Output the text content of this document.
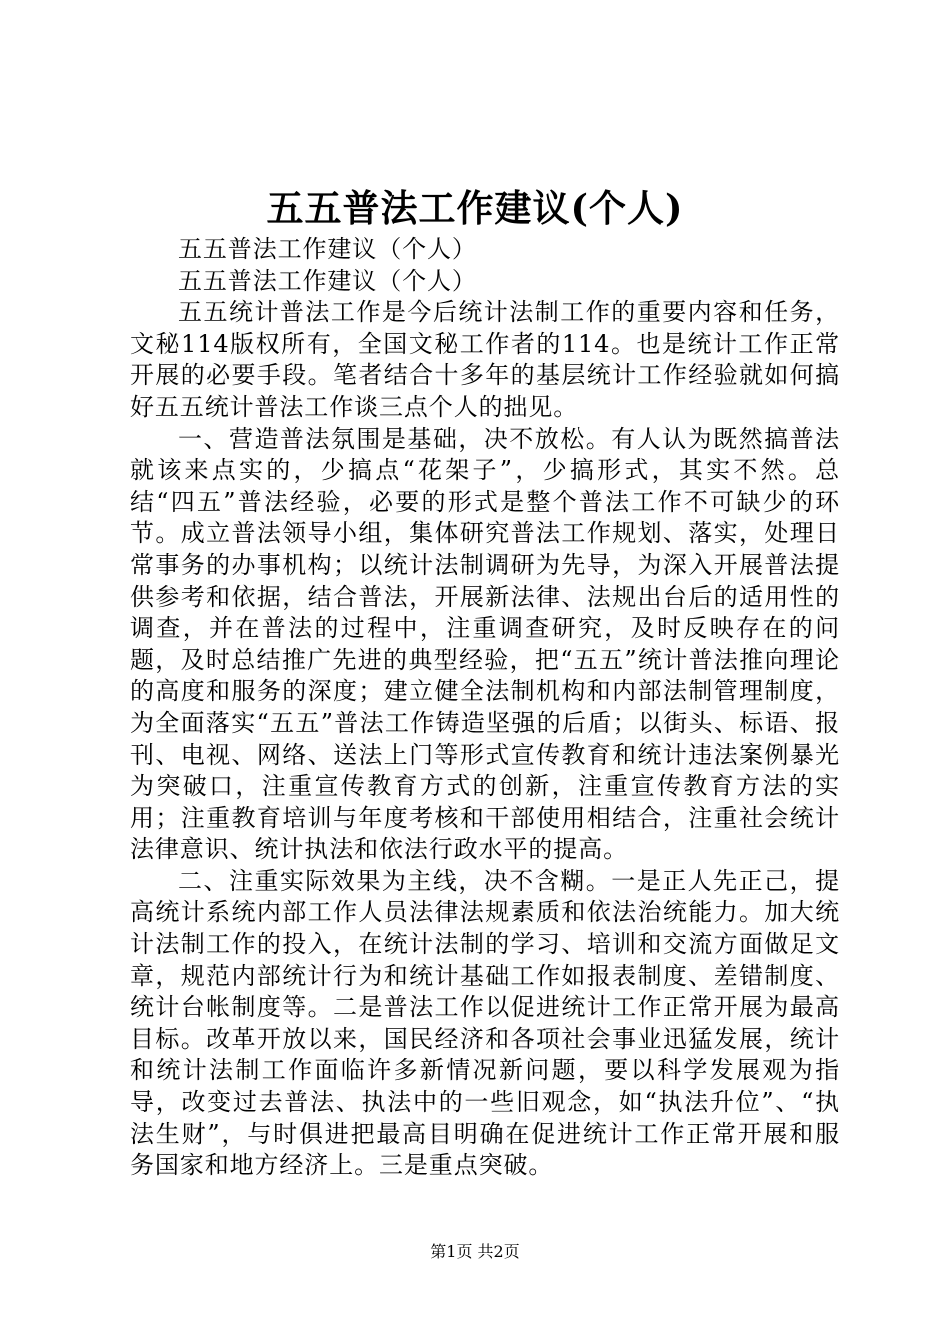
五五普法工作建议(个人)

五五普法工作建议（个人）

五五普法工作建议（个人）

五五统计普法工作是今后统计法制工作的重要内容和任务，文秘114版权所有，全国文秘工作者的114。也是统计工作正常开展的必要手段。笔者结合十多年的基层统计工作经验就如何搞好五五统计普法工作谈三点个人的拙见。

一、营造普法氛围是基础，决不放松。有人认为既然搞普法就该来点实的，少搞点“花架子”，少搞形式，其实不然。总结“四五”普法经验，必要的形式是整个普法工作不可缺少的环节。成立普法领导小组，集体研究普法工作规划、落实，处理日常事务的办事机构；以统计法制调研为先导，为深入开展普法提供参考和依据，结合普法，开展新法律、法规出台后的适用性的调查，并在普法的过程中，注重调查研究，及时反映存在的问题，及时总结推广先进的典型经验，把“五五”统计普法推向理论的高度和服务的深度；建立健全法制机构和内部法制管理制度，为全面落实“五五”普法工作铸造坚强的后盾；以街头、标语、报刊、电视、网络、送法上门等形式宣传教育和统计违法案例暴光为突破口，注重宣传教育方式的创新，注重宣传教育方法的实用；注重教育培训与年度考核和干部使用相结合，注重社会统计法律意识、统计执法和依法行政水平的提高。

二、注重实际效果为主线，决不含糊。一是正人先正己，提高统计系统内部工作人员法律法规素质和依法治统能力。加大统计法制工作的投入，在统计法制的学习、培训和交流方面做足文章，规范内部统计行为和统计基础工作如报表制度、差错制度、统计台帐制度等。二是普法工作以促进统计工作正常开展为最高目标。改革开放以来，国民经济和各项社会事业迅猛发展，统计和统计法制工作面临许多新情况新问题，要以科学发展观为指导，改变过去普法、执法中的一些旧观念，如“执法升位”、“执法生财”，与时俱进把最高目明确在促进统计工作正常开展和服务国家和地方经济上。三是重点突破。

第1页 共2页
